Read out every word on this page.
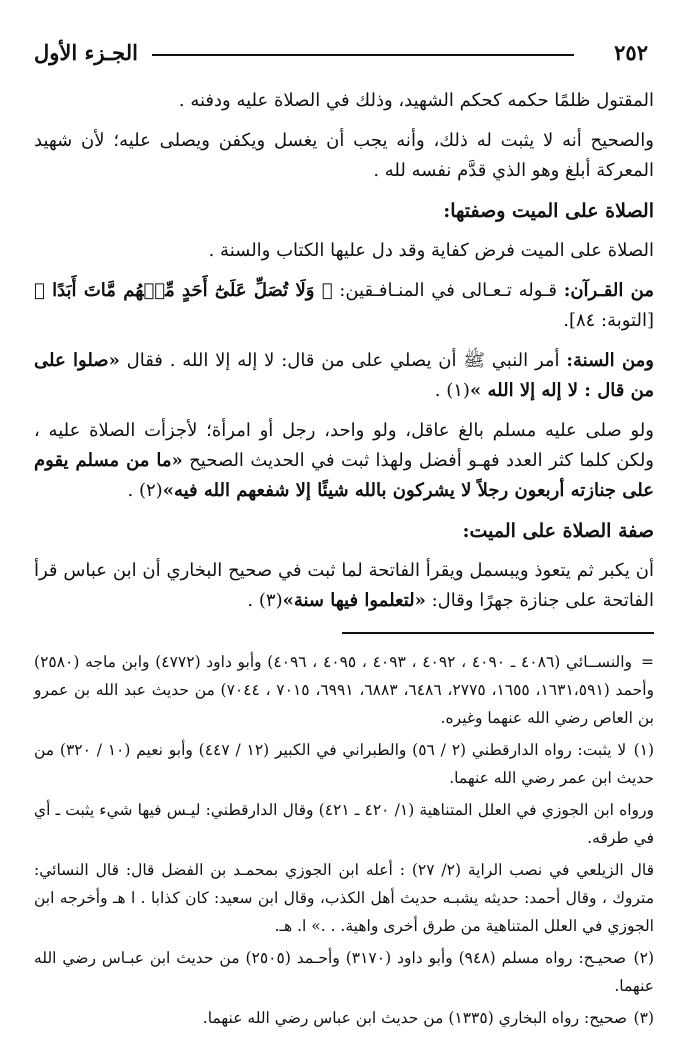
٢٥٢
الجـزء الأول

المقتول ظلمًا حكمه كحكم الشهيد، وذلك في الصلاة عليه ودفنه .

والصحيح أنه لا يثبت له ذلك، وأنه يجب أن يغسل ويكفن ويصلى عليه؛ لأن شهيد المعركة أبلغ وهو الذي قدَّم نفسه لله .

الصلاة على الميت وصفتها:

الصلاة على الميت فرض كفاية وقد دل عليها الكتاب والسنة .

من القـرآن: قـوله تـعـالى في المنـافـقين: ﴿ وَلَا تُصَلِّ عَلَىٰٓ أَحَدٍ مِّنۡهُم مَّاتَ أَبَدًا ﴾ [التوبة: ٨٤].

ومن السنة: أمر النبي ﷺ أن يصلي على من قال: لا إله إلا الله . فقال «صلوا على من قال : لا إله إلا الله »(١) .

ولو صلى عليه مسلم بالغ عاقل، ولو واحد، رجل أو امرأة؛ لأجزأت الصلاة عليه ، ولكن كلما كثر العدد فهـو أفضل ولهذا ثبت في الحديث الصحيح «ما من مسلم يقوم على جنازته أربعون رجلاً لا يشركون بالله شيئًا إلا شفعهم الله فيه»(٢) .

صفة الصلاة على الميت:

أن يكبر ثم يتعوذ ويبسمل ويقرأ الفاتحة لما ثبت في صحيح البخاري أن ابن عباس قرأ الفاتحة على جنازة جهرًا وقال: «لتعلموا فيها سنة»(٣) .

=والنســائي (٤٠٨٦ ـ ٤٠٩٠ ، ٤٠٩٢ ، ٤٠٩٣ ، ٤٠٩٥ ، ٤٠٩٦) وأبو داود (٤٧٧٢) وابن ماجه (٢٥٨٠) وأحمد (١٦٣١،٥٩١، ١٦٥٥، ٢٧٧٥، ٦٤٨٦، ٦٨٨٣، ٦٩٩١، ٧٠١٥ ، ٧٠٤٤) من حديث عبد الله بن عمرو بن العاص رضي الله عنهما وغيره.

(١) لا يثبت: رواه الدارقطني (٢ / ٥٦) والطبراني في الكبير (١٢ / ٤٤٧) وأبو نعيم (١٠ / ٣٢٠) من حديث ابن عمر رضي الله عنهما.

ورواه ابن الجوزي في العلل المتناهية (١/ ٤٢٠ ـ ٤٢١) وقال الدارقطني: ليـس فيها شيء يثبت ـ أي في طرقه.

قال الزيلعي في نصب الراية (٢/ ٢٧) : أعله ابن الجوزي بمحمـد بن الفضل قال: قال النسائي: متروك ، وقال أحمد: حديثه يشبـه حديث أهل الكذب، وقال ابن سعيد: كان كذابا . ا هـ وأخرجه ابن الجوزي في العلل المتناهية من طرق أخرى واهية. . .» ا. هـ.

(٢) صحيـح: رواه مسلم (٩٤٨) وأبو داود (٣١٧٠) وأحـمد (٢٥٠٥) من حديث ابن عبـاس رضي الله عنهما.

(٣) صحيح: رواه البخاري (١٣٣٥) من حديث ابن عباس رضي الله عنهما.
